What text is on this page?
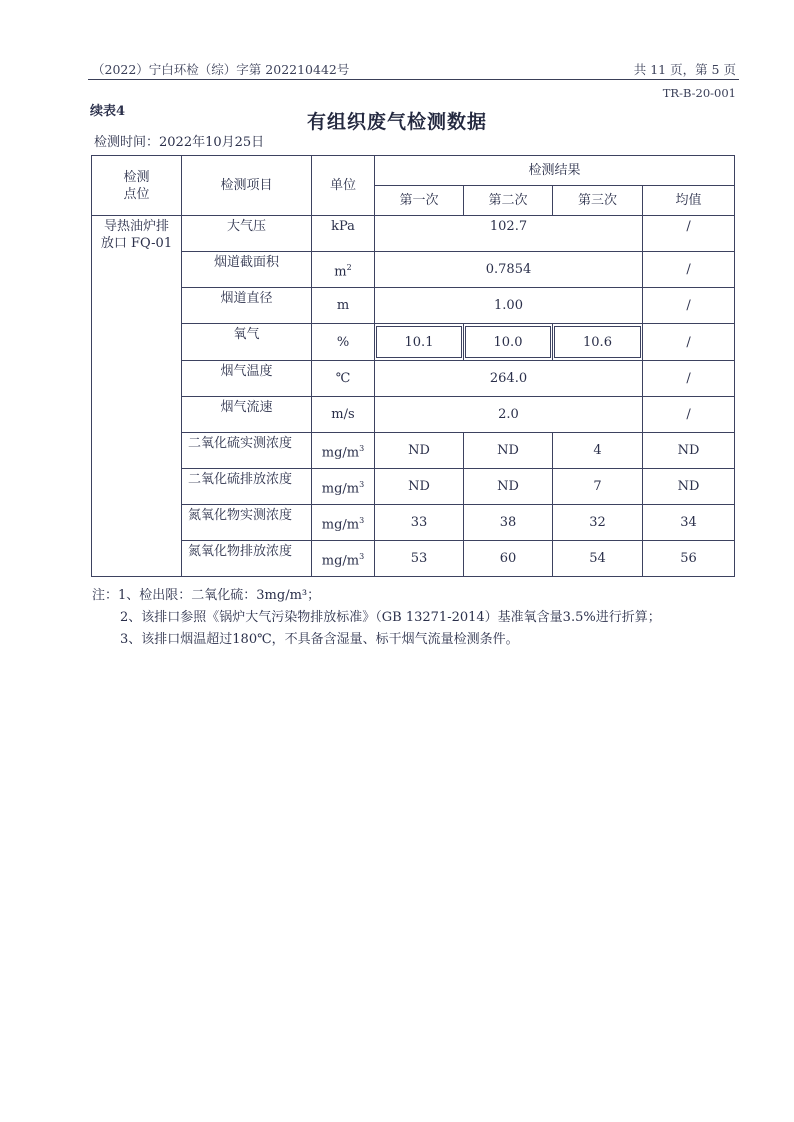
（2022）宁白环检（综）字第 202210442号	共 11 页，第 5 页
TR-B-20-001
续表4	有组织废气检测数据
检测时间：2022年10月25日
检测
点位	检测项目	单位	检测结果			
			第一次	第二次	第三次	均值
导热油炉排
放口 FQ-01	大气压	kPa	102.7			/
	烟道截面积	$m^2$	0.7854			/
	烟道直径	m	1.00			/
	氧气	%	10.1	10.0	10.6	/
	烟气温度	℃	264.0			/
	烟气流速	m/s	2.0			/
	二氧化硫实测浓度	$mg/m^3$	ND	ND	4	ND
	二氧化硫排放浓度	$mg/m^3$	ND	ND	7	ND
	氮氧化物实测浓度	$mg/m^3$	33	38	32	34
	氮氧化物排放浓度	$mg/m^3$	53	60	54	56
注：1、检出限：二氧化硫：3mg/m³；
2、该排口参照《锅炉大气污染物排放标准》（GB 13271-2014）基准氧含量3.5%进行折算；
3、该排口烟温超过180℃，不具备含湿量、标干烟气流量检测条件。
